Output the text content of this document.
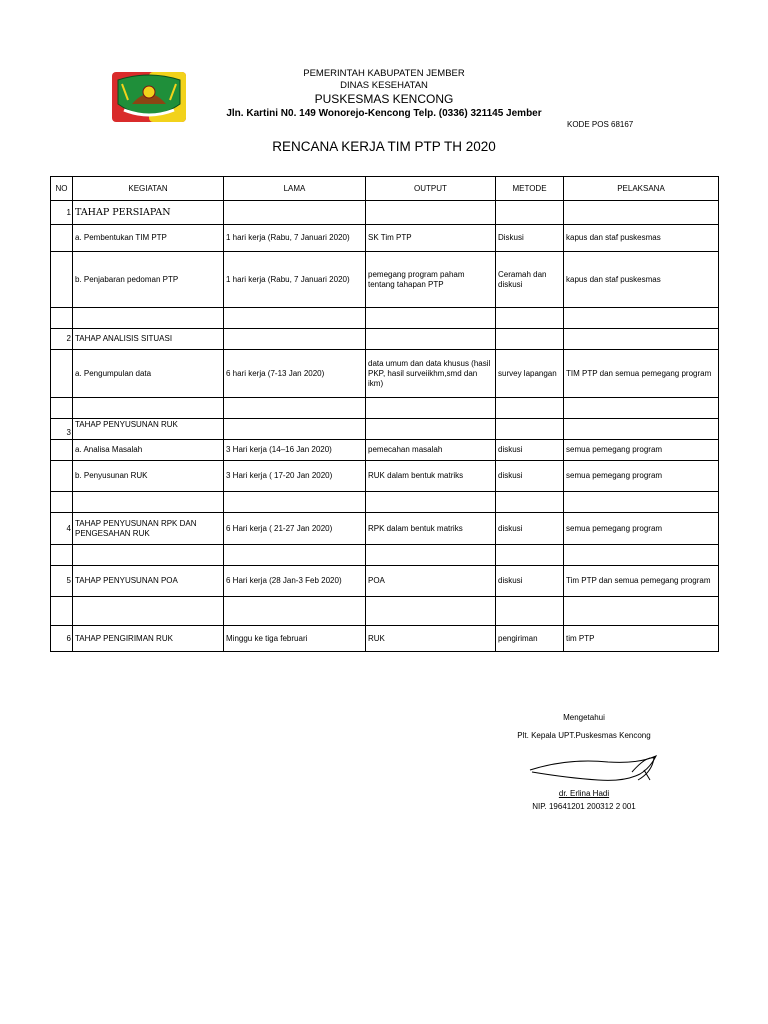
PEMERINTAH KABUPATEN JEMBER
DINAS KESEHATAN
PUSKESMAS KENCONG
Jln. Kartini N0. 149 Wonorejo-Kencong Telp. (0336) 321145 Jember
KODE POS 68167
RENCANA KERJA TIM PTP TH 2020
NO	KEGIATAN	LAMA	OUTPUT	METODE	PELAKSANA
1	TAHAP PERSIAPAN				
	a. Pembentukan TIM PTP	1 hari kerja (Rabu, 7 Januari 2020)	SK Tim PTP	Diskusi	kapus dan staf puskesmas
	b. Penjabaran pedoman PTP	1 hari kerja (Rabu, 7 Januari 2020)	pemegang program paham tentang tahapan PTP	Ceramah dan diskusi	kapus dan staf puskesmas

2	TAHAP ANALISIS SITUASI				
	a. Pengumpulan data	6 hari kerja (7-13 Jan 2020)	data umum dan data khusus (hasil PKP, hasil surveiikhm,smd dan ikm)	survey lapangan	TIM PTP dan semua pemegang program

3	TAHAP PENYUSUNAN RUK				
	a. Analisa Masalah	3 Hari kerja (14–16 Jan 2020)	pemecahan masalah	diskusi	semua pemegang program
	b. Penyusunan RUK	3 Hari kerja ( 17-20 Jan 2020)	RUK dalam bentuk matriks	diskusi	semua pemegang program

4	TAHAP PENYUSUNAN RPK DAN PENGESAHAN RUK	6 Hari kerja ( 21-27 Jan 2020)	RPK dalam bentuk matriks	diskusi	semua pemegang program

5	TAHAP PENYUSUNAN POA	6 Hari kerja (28 Jan-3 Feb 2020)	POA	diskusi	Tim PTP dan semua pemegang program

6	TAHAP PENGIRIMAN RUK	Minggu ke tiga februari	RUK	pengiriman	tim PTP
Mengetahui
Plt. Kepala UPT.Puskesmas Kencong
dr. Erlina Hadi
NIP. 19641201 200312 2 001
